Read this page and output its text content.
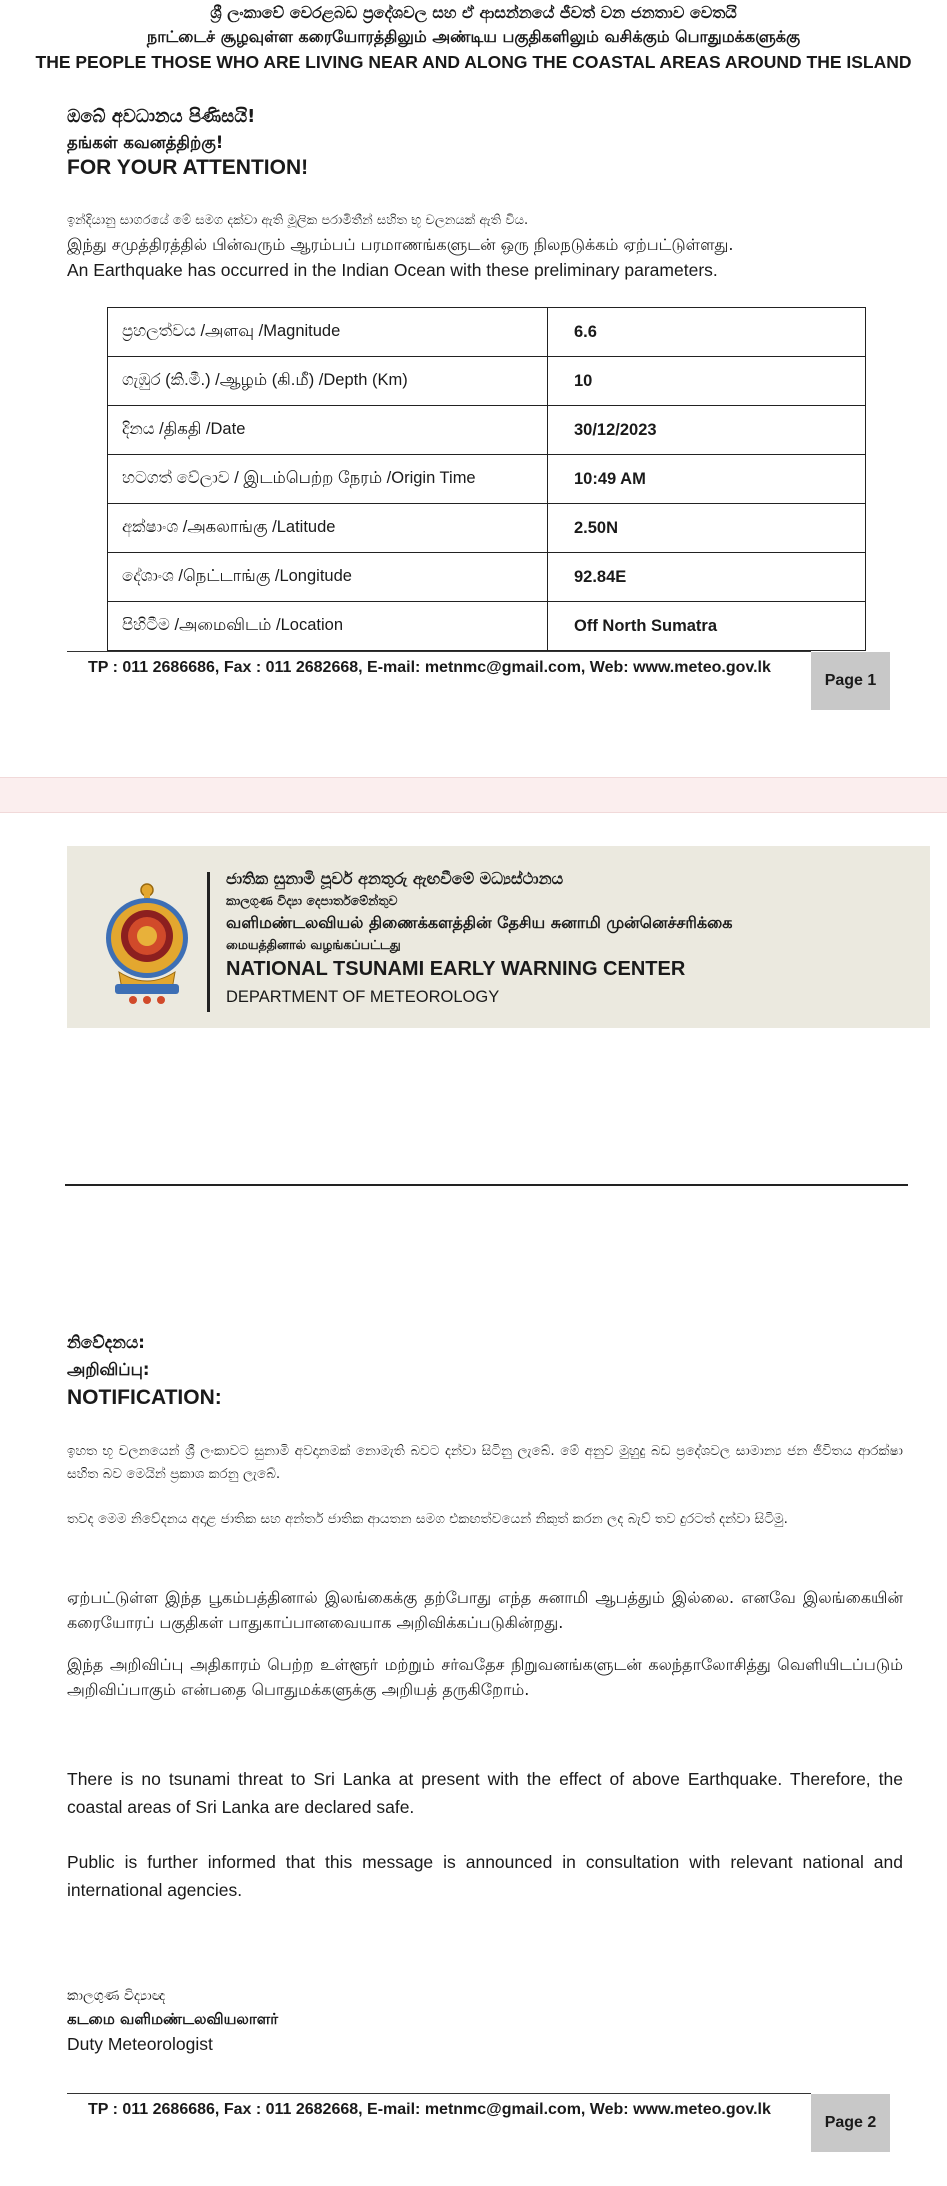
ශ්‍රී ලංකාවේ වෙරළබඩ ප්‍රදේශවල සහ ඒ ආසන්නයේ ජීවත් වන ජනතාව වෙතයි
நாட்டைச் சூழவுள்ள கரையோரத்திலும் அண்டிய பகுதிகளிலும் வசிக்கும் பொதுமக்களுக்கு
THE PEOPLE THOSE WHO ARE LIVING NEAR AND ALONG THE COASTAL AREAS AROUND THE ISLAND
ඔබේ අවධානය පිණිසයි!
தங்கள் கவனத்திற்கு!
FOR YOUR ATTENTION!
ඉන්දියානු සාගරයේ මේ සමග දක්වා ඇති මූලික පරාමිතීන් සහිත භූ චලනයක් ඇති විය.
இந்து சமுத்திரத்தில் பின்வரும் ஆரம்பப் பரமாணங்களுடன் ஒரு நிலநடுக்கம் ஏற்பட்டுள்ளது.
An Earthquake has occurred in the Indian Ocean with these preliminary parameters.
ප්‍රහලත්වය /அளவு /Magnitude	6.6
ගැඹුර (කි.මී.) /ஆழம் (கி.மீ) /Depth (Km)	10
දිනය /திகதி /Date	30/12/2023
හටගත් වේලාව / இடம்பெற்ற நேரம் /Origin Time	10:49 AM
අක්ෂාංශ /அகலாங்கு /Latitude	2.50N
දේශාංශ /நெட்டாங்கு /Longitude	92.84E
පිහිටීම /அமைவிடம் /Location	Off North Sumatra
TP : 011 2686686, Fax : 011 2682668, E-mail: metnmc@gmail.com, Web: www.meteo.gov.lk
Page 1
ජාතික සුනාමි පූර්ව අනතුරු ඇඟවීමේ මධ්‍යස්ථානය
කාලගුණ විද්‍යා දෙපාර්තමේන්තුව
வளிமண்டலவியல் திணைக்களத்தின் தேசிய சுனாமி முன்னெச்சரிக்கை
மையத்தினால் வழங்கப்பட்டது
NATIONAL TSUNAMI EARLY WARNING CENTER
DEPARTMENT OF METEOROLOGY
නිවේදනය:
அறிவிப்பு:
NOTIFICATION:
ඉහත භූ චලනයෙන් ශ්‍රී ලංකාවට සුනාමි අවදානමක් නොමැති බවට දන්වා සිටිනු ලැබේ. මේ අනුව මුහුදු බඩ ප්‍රදේශවල සාමාන්‍ය ජන ජීවිතය ආරක්ෂා සහිත බව මෙයින් ප්‍රකාශ කරනු ලැබේ.
තවද මෙම නිවේදනය අදාළ ජාතික සහ අන්තර් ජාතික ආයතන සමග එකඟත්වයෙන් නිකුත් කරන ලද බැව් තව දුරටත් දන්වා සිටිමු.
ஏற்பட்டுள்ள இந்த பூகம்பத்தினால் இலங்கைக்கு தற்போது எந்த சுனாமி ஆபத்தும் இல்லை. எனவே இலங்கையின் கரையோரப் பகுதிகள் பாதுகாப்பானவையாக அறிவிக்கப்படுகின்றது.
இந்த அறிவிப்பு அதிகாரம் பெற்ற உள்ளூர் மற்றும் சர்வதேச நிறுவனங்களுடன் கலந்தாலோசித்து வெளியிடப்படும் அறிவிப்பாகும் என்பதை பொதுமக்களுக்கு அறியத் தருகிறோம்.
There is no tsunami threat to Sri Lanka at present with the effect of above Earthquake. Therefore, the coastal areas of Sri Lanka are declared safe.
Public is further informed that this message is announced in consultation with relevant national and international agencies.
කාලගුණ විද්‍යාඥ
கடமை வளிமண்டலவியலாளர்
Duty Meteorologist
TP : 011 2686686, Fax : 011 2682668, E-mail: metnmc@gmail.com, Web: www.meteo.gov.lk
Page 2
